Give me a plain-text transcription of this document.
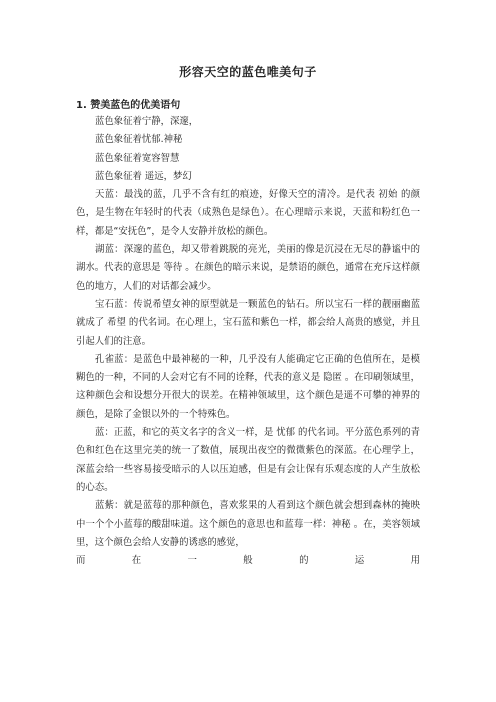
形容天空的蓝色唯美句子
1. 赞美蓝色的优美语句

蓝色象征着宁静，深邃，

蓝色象征着忧郁.神秘

蓝色象征着宽容智慧

蓝色象征着 遥远，梦幻

天蓝：最浅的蓝，几乎不含有红的痕迹，好像天空的清冷。是代表 初始 的颜色，是生物在年轻时的代表（成熟色是绿色）。在心理暗示来说，天蓝和粉红色一样，都是“安抚色”，是令人安静并放松的颜色。

湖蓝：深邃的蓝色，却又带着跳脱的亮光，美丽的像是沉浸在无尽的静谧中的湖水。代表的意思是 等待 。在颜色的暗示来说，是禁语的颜色，通常在充斥这样颜色的地方，人们的对话都会减少。

宝石蓝：传说希望女神的原型就是一颗蓝色的钻石。所以宝石一样的靓丽幽蓝就成了 希望 的代名词。在心理上，宝石蓝和紫色一样，都会给人高贵的感觉，并且引起人们的注意。

孔雀蓝：是蓝色中最神秘的一种，几乎没有人能确定它正确的色值所在，是模糊色的一种，不同的人会对它有不同的诠释，代表的意义是 隐匿 。在印刷领域里，这种颜色会和设想分开很大的误差。在精神领域里，这个颜色是遥不可攀的神界的颜色，是除了金银以外的一个特殊色。

蓝：正蓝，和它的英文名字的含义一样，是 忧郁 的代名词。平分蓝色系列的青色和红色在这里完美的统一了数值，展现出夜空的微微紫色的深蓝。在心理学上，深蓝会给一些容易接受暗示的人以压迫感，但是有会让保有乐观态度的人产生放松的心态。

蓝紫：就是蓝莓的那种颜色，喜欢浆果的人看到这个颜色就会想到森林的掩映中一个个小蓝莓的酸甜味道。这个颜色的意思也和蓝莓一样：神秘 。在，美容领域里，这个颜色会给人安静的诱惑的感觉，

而	在	一	般	的	运	用
